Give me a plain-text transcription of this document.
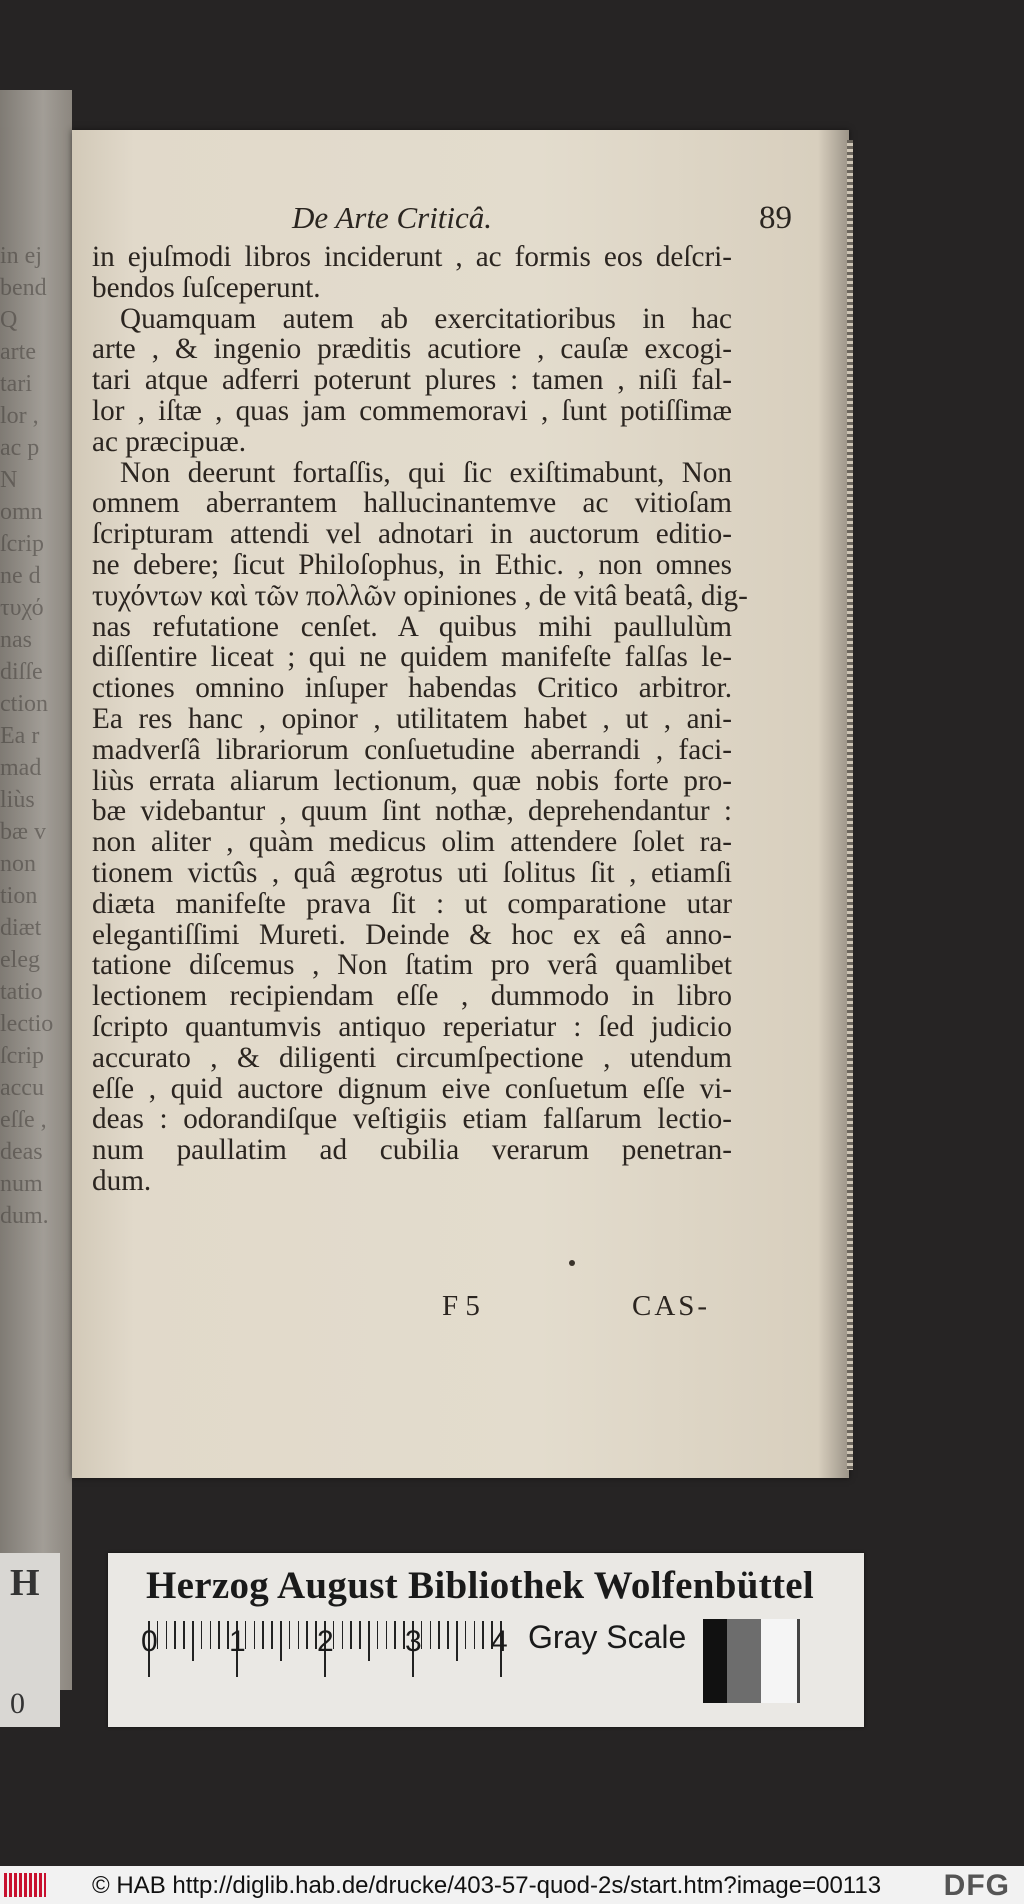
in ej
bend
Q
arte
tari
lor ,
ac p
N
omn
ſcrip
ne d
τυχό
nas
diſſe
ction
Ea r
mad
liùs
bæ v
non
tion
diæt
eleg
tatio
lectio
ſcrip
accu
eſſe ,
deas
num
dum.
De Arte Criticâ.	89
in ejuſmodi libros inciderunt , ac formis eos deſcri-
bendos ſuſceperunt.
Quamquam autem ab exercitatioribus in hac
arte , & ingenio præditis acutiore , cauſæ excogi-
tari atque adferri poterunt plures : tamen , niſi fal-
lor , iſtæ , quas jam commemoravi , ſunt potiſſimæ
ac præcipuæ.
Non deerunt fortaſſis, qui ſic exiſtimabunt, Non
omnem aberrantem hallucinantemve ac vitioſam
ſcripturam attendi vel adnotari in auctorum editio-
ne debere; ſicut Philoſophus, in Ethic. , non omnes
τυχόντων καὶ τῶν πολλῶν opiniones , de vitâ beatâ, dig-
nas refutatione cenſet. A quibus mihi paullulùm
diſſentire liceat ; qui ne quidem manifeſte falſas le-
ctiones omnino inſuper habendas Critico arbitror.
Ea res hanc , opinor , utilitatem habet , ut , ani-
madverſâ librariorum conſuetudine aberrandi , faci-
liùs errata aliarum lectionum, quæ nobis forte pro-
bæ videbantur , quum ſint nothæ, deprehendantur :
non aliter , quàm medicus olim attendere ſolet ra-
tionem victûs , quâ ægrotus uti ſolitus ſit , etiamſi
diæta manifeſte prava ſit : ut comparatione utar
elegantiſſimi Mureti. Deinde & hoc ex eâ anno-
tatione diſcemus , Non ſtatim pro verâ quamlibet
lectionem recipiendam eſſe , dummodo in libro
ſcripto quantumvis antiquo reperiatur : ſed judicio
accurato , & diligenti circumſpectione , utendum
eſſe , quid auctore dignum eive conſuetum eſſe vi-
deas : odorandiſque veſtigiis etiam falſarum lectio-
num paullatim ad cubilia verarum penetran-
dum.
F 5	CAS-
H
0
Herzog August Bibliothek Wolfenbüttel
0 1 2 3 4 Gray Scale
© HAB http://diglib.hab.de/drucke/403-57-quod-2s/start.htm?image=00113 DFG
